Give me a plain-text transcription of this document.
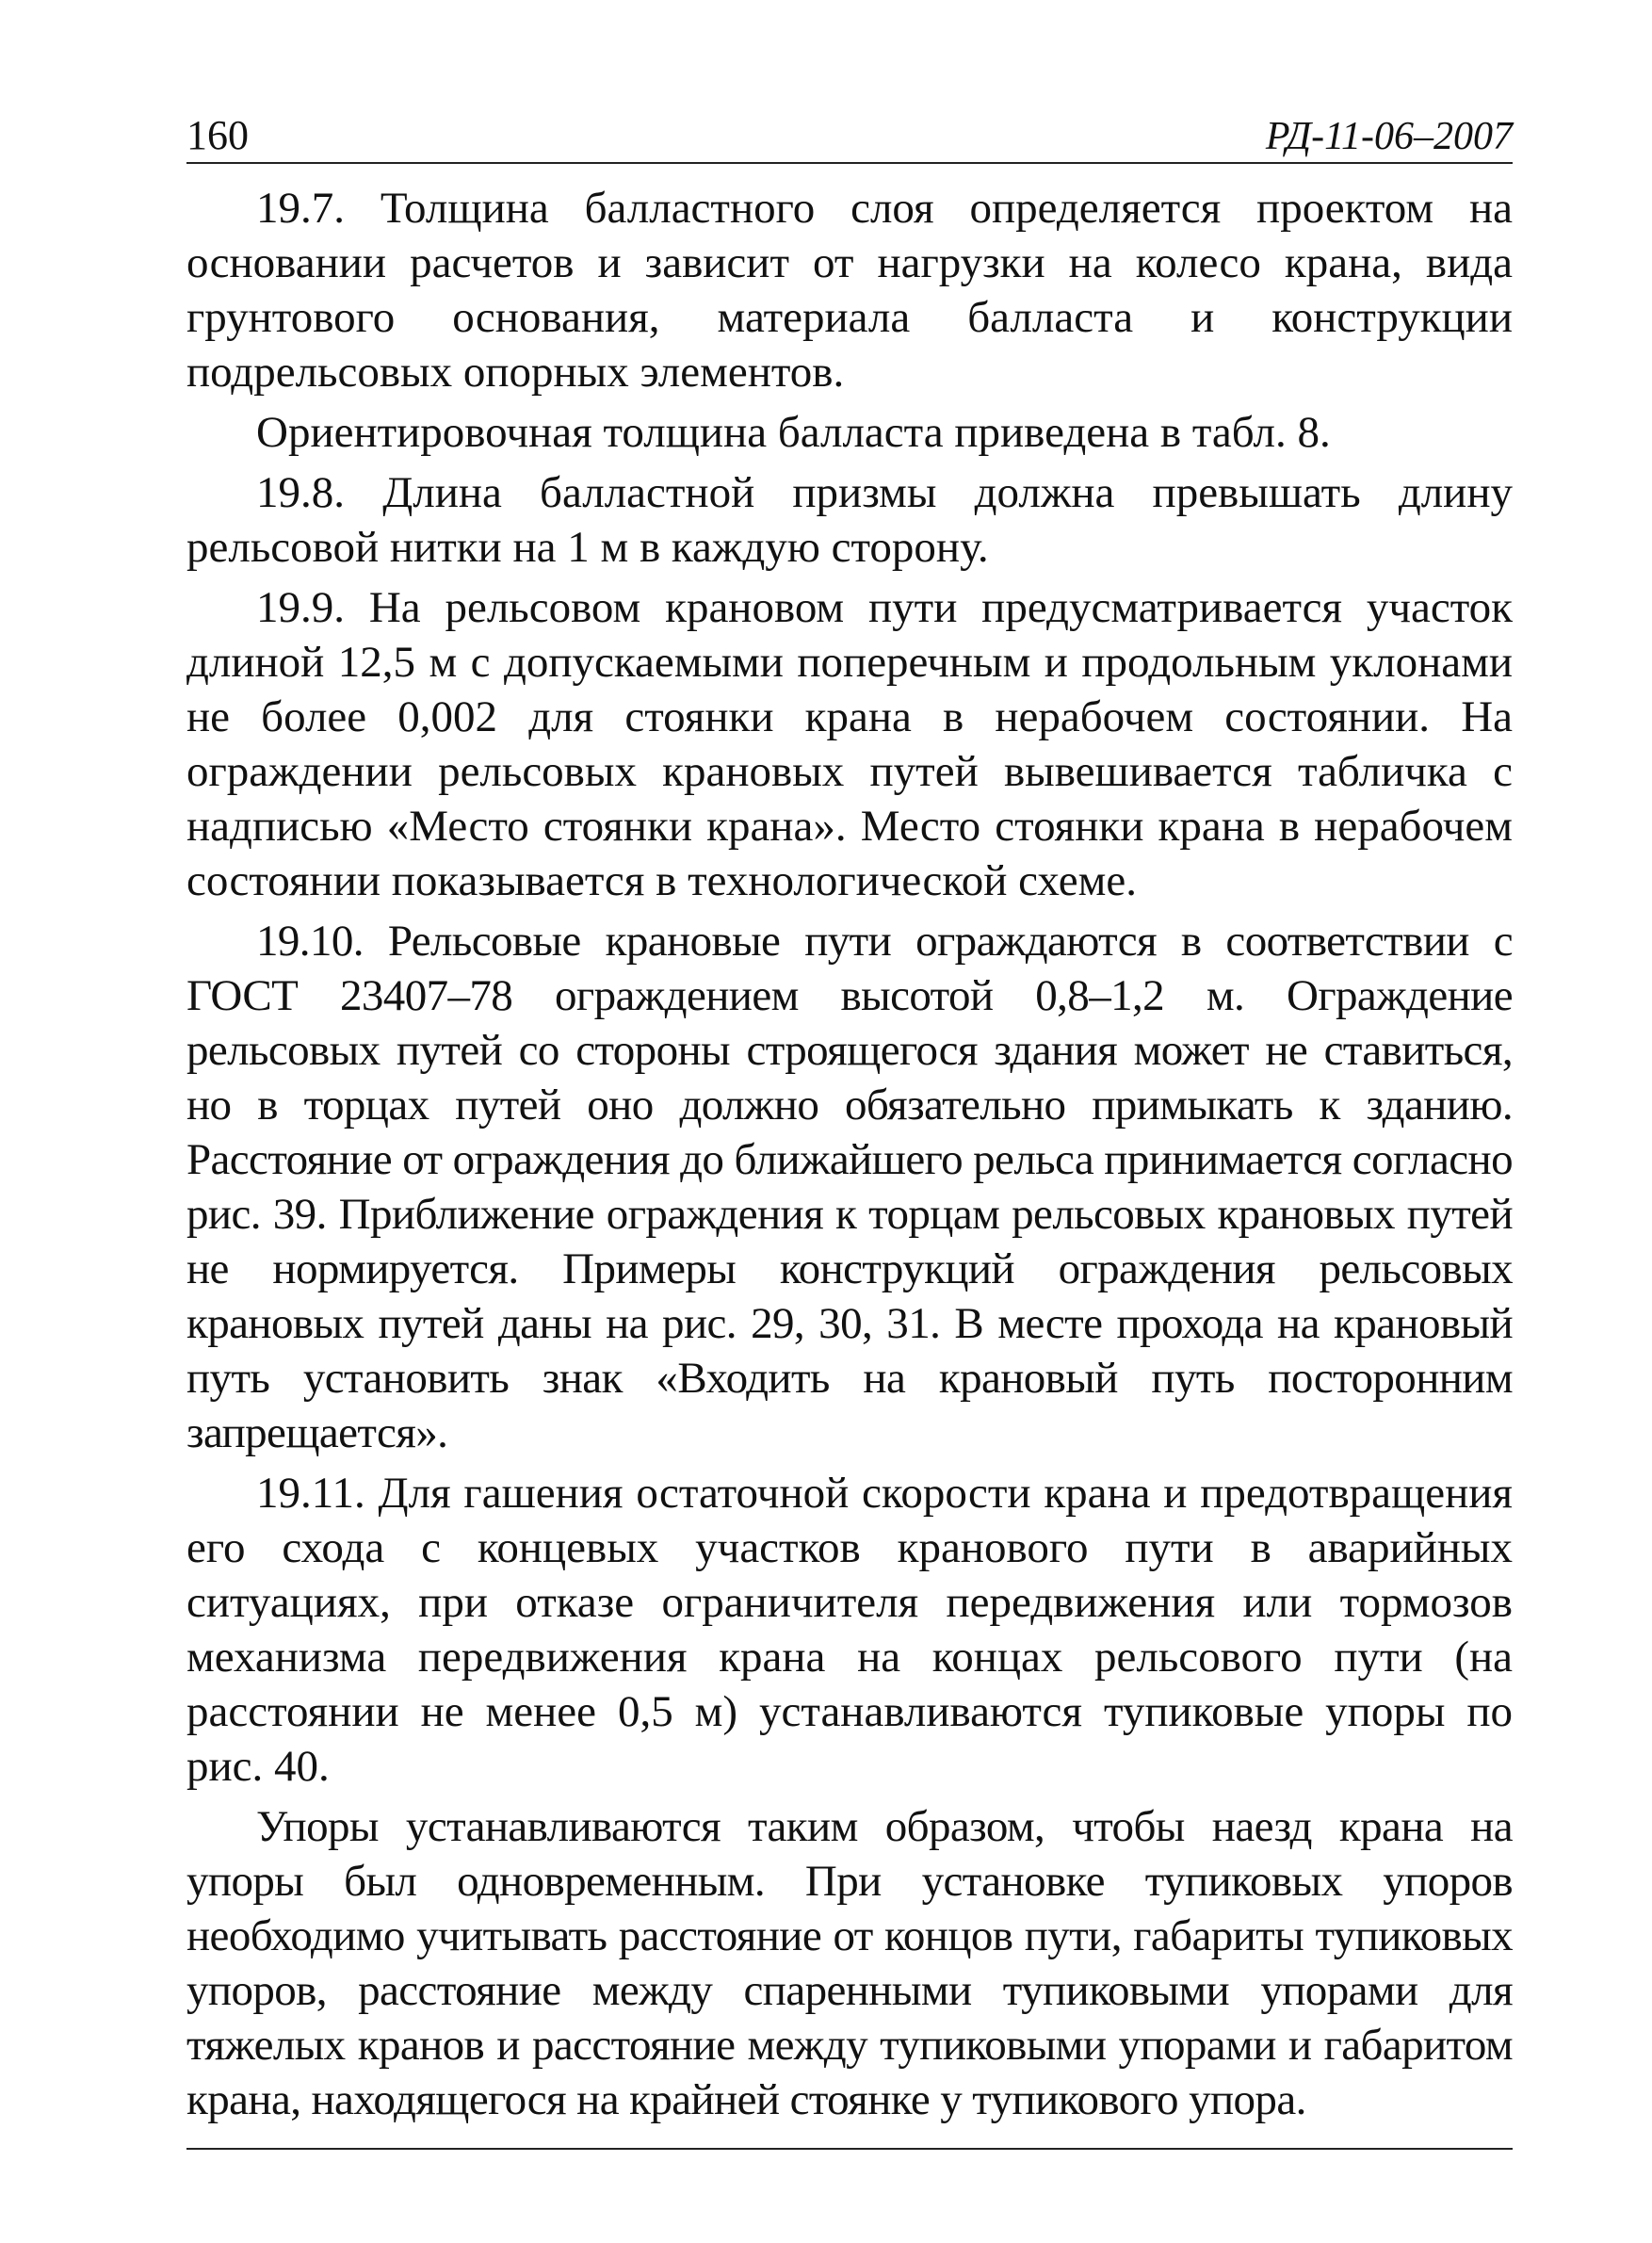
160	РД-11-06–2007

19.7. Толщина балластного слоя определяется проектом на основании расчетов и зависит от нагрузки на колесо крана, вида грунтового основания, материала балласта и конструкции подрельсовых опорных элементов.

Ориентировочная толщина балласта приведена в табл. 8.

19.8. Длина балластной призмы должна превышать длину рельсовой нитки на 1 м в каждую сторону.

19.9. На рельсовом крановом пути предусматривается участок длиной 12,5 м с допускаемыми поперечным и продольным уклонами не более 0,002 для стоянки крана в нерабочем состоянии. На ограждении рельсовых крановых путей вывешивается табличка с надписью «Место стоянки крана». Место стоянки крана в нерабочем состоянии показывается в технологической схеме.

19.10. Рельсовые крановые пути ограждаются в соответствии с ГОСТ 23407–78 ограждением высотой 0,8–1,2 м. Ограждение рельсовых путей со стороны строящегося здания может не ставиться, но в торцах путей оно должно обязательно примыкать к зданию. Расстояние от ограждения до ближайшего рельса принимается согласно рис. 39. Приближение ограждения к торцам рельсовых крановых путей не нормируется. Примеры конструкций ограждения рельсовых крановых путей даны на рис. 29, 30, 31. В месте прохода на крановый путь установить знак «Входить на крановый путь посторонним запрещается».

19.11. Для гашения остаточной скорости крана и предотвращения его схода с концевых участков кранового пути в аварийных ситуациях, при отказе ограничителя передвижения или тормозов механизма передвижения крана на концах рельсового пути (на расстоянии не менее 0,5 м) устанавливаются тупиковые упоры по рис. 40.

Упоры устанавливаются таким образом, чтобы наезд крана на упоры был одновременным. При установке тупиковых упоров необходимо учитывать расстояние от концов пути, габариты тупиковых упоров, расстояние между спаренными тупиковыми упорами для тяжелых кранов и расстояние между тупиковыми упорами и габаритом крана, находящегося на крайней стоянке у тупикового упора.
